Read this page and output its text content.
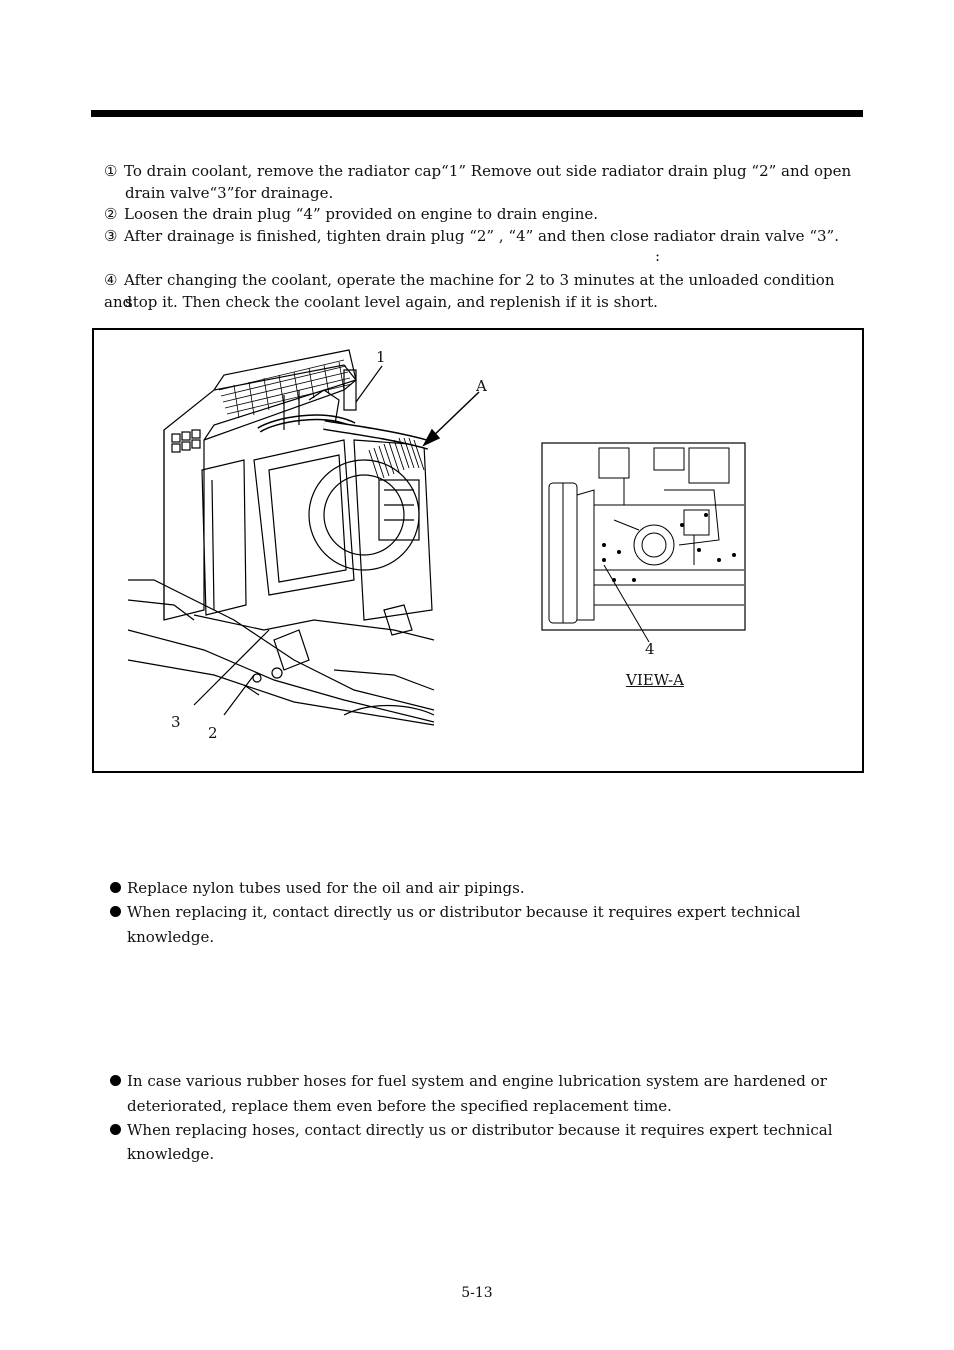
① To drain coolant, remove the radiator cap“1” Remove out side radiator drain plug “2” and open
drain valve“3”for drainage.
② Loosen the drain plug “4” provided on engine to drain engine.
③ After drainage is finished, tighten drain plug “2” , “4” and then close radiator drain valve “3”.
:
④ After changing the coolant, operate the machine for 2 to 3 minutes at the unloaded condition and
stop it. Then check the coolant level again, and replenish if it is short.
1
A
3
2
4
VIEW-A
Replace nylon tubes used for the oil and air pipings.
When replacing it, contact directly us or distributor because it requires expert technical
knowledge.
In case various rubber hoses for fuel system and engine lubrication system are hardened or
deteriorated, replace them even before the specified replacement time.
When replacing hoses, contact directly us or distributor because it requires expert technical
knowledge.
5-13
